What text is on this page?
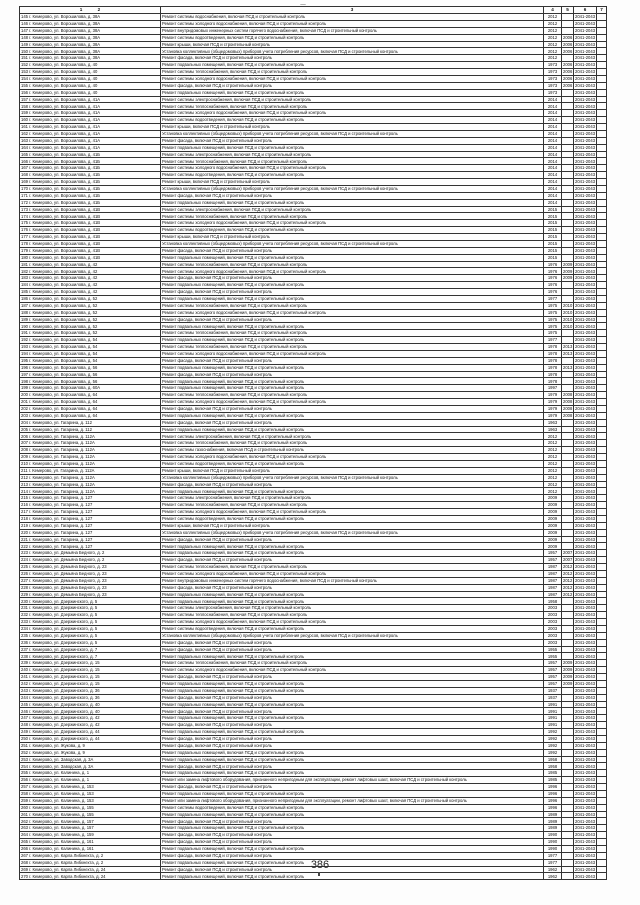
—
1 2	3	4	5	6	7
145 г. Кемерово, ул. Ворошилова, д. 38А	Ремонт системы водоснабжения, включая ПСД и строительный контроль	2012		2041-2043	
146 г. Кемерово, ул. Ворошилова, д. 38А	Ремонт системы холодного водоснабжения, включая ПСД и строительный контроль	2012		2041-2043	
147 г. Кемерово, ул. Ворошилова, д. 38А	Ремонт внутридомовых инженерных систем горячего водоснабжения, включая ПСД и строительный контроль	2012		2041-2043	
148 г. Кемерово, ул. Ворошилова, д. 38А	Ремонт системы водоотведения, включая ПСД и строительный контроль	2012	2006	2041-2043	
149 г. Кемерово, ул. Ворошилова, д. 38А	Ремонт крыши, включая ПСД и строительный контроль	2012	2006	2041-2043	
150 г. Кемерово, ул. Ворошилова, д. 38А	Установка коллективных (общедомовых) приборов учета потребления ресурсов, включая ПСД и строительный контроль	2012	2006	2041-2043	
151 г. Кемерово, ул. Ворошилова, д. 38А	Ремонт фасада, включая ПСД и строительный контроль	2012		2041-2043	
152 г. Кемерово, ул. Ворошилова, д. 40	Ремонт подвальных помещений, включая ПСД и строительный контроль	1973	2006	2041-2043	
153 г. Кемерово, ул. Ворошилова, д. 40	Ремонт системы теплоснабжения, включая ПСД и строительный контроль	1973	2006	2041-2043	
154 г. Кемерово, ул. Ворошилова, д. 40	Ремонт системы холодного водоснабжения, включая ПСД и строительный контроль	1973	2006	2041-2043	
155 г. Кемерово, ул. Ворошилова, д. 40	Ремонт фасада, включая ПСД и строительный контроль	1973	2006	2041-2043	
156 г. Кемерово, ул. Ворошилова, д. 40	Ремонт подвальных помещений, включая ПСД и строительный контроль	1973		2041-2043	
157 г. Кемерово, ул. Ворошилова, д. 41А	Ремонт системы электроснабжения, включая ПСД и строительный контроль	2014		2041-2043	
158 г. Кемерово, ул. Ворошилова, д. 41А	Ремонт системы теплоснабжения, включая ПСД и строительный контроль	2014		2041-2043	
159 г. Кемерово, ул. Ворошилова, д. 41А	Ремонт системы холодного водоснабжения, включая ПСД и строительный контроль	2014		2041-2043	
160 г. Кемерово, ул. Ворошилова, д. 41А	Ремонт системы водоотведения, включая ПСД и строительный контроль	2014		2041-2043	
161 г. Кемерово, ул. Ворошилова, д. 41А	Ремонт крыши, включая ПСД и строительный контроль	2014		2041-2043	
162 г. Кемерово, ул. Ворошилова, д. 41А	Установка коллективных (общедомовых) приборов учета потребления ресурсов, включая ПСД и строительный контроль	2014		2041-2043	
163 г. Кемерово, ул. Ворошилова, д. 41А	Ремонт фасада, включая ПСД и строительный контроль	2014		2041-2043	
164 г. Кемерово, ул. Ворошилова, д. 41А	Ремонт подвальных помещений, включая ПСД и строительный контроль	2014		2041-2043	
165 г. Кемерово, ул. Ворошилова, д. 41Б	Ремонт системы электроснабжения, включая ПСД и строительный контроль	2014		2041-2043	
166 г. Кемерово, ул. Ворошилова, д. 41Б	Ремонт системы теплоснабжения, включая ПСД и строительный контроль	2014		2041-2043	
167 г. Кемерово, ул. Ворошилова, д. 41Б	Ремонт системы холодного водоснабжения, включая ПСД и строительный контроль	2014		2041-2043	
168 г. Кемерово, ул. Ворошилова, д. 41Б	Ремонт системы водоотведения, включая ПСД и строительный контроль	2014		2041-2043	
169 г. Кемерово, ул. Ворошилова, д. 41Б	Ремонт крыши, включая ПСД и строительный контроль	2014		2041-2043	
170 г. Кемерово, ул. Ворошилова, д. 41Б	Установка коллективных (общедомовых) приборов учета потребления ресурсов, включая ПСД и строительный контроль	2014		2041-2043	
171 г. Кемерово, ул. Ворошилова, д. 41Б	Ремонт фасада, включая ПСД и строительный контроль	2014		2041-2043	
172 г. Кемерово, ул. Ворошилова, д. 41Б	Ремонт подвальных помещений, включая ПСД и строительный контроль	2014		2041-2043	
173 г. Кемерово, ул. Ворошилова, д. 41В	Ремонт системы электроснабжения, включая ПСД и строительный контроль	2015		2041-2043	
174 г. Кемерово, ул. Ворошилова, д. 41В	Ремонт системы теплоснабжения, включая ПСД и строительный контроль	2015		2041-2043	
175 г. Кемерово, ул. Ворошилова, д. 41В	Ремонт системы холодного водоснабжения, включая ПСД и строительный контроль	2015		2041-2043	
176 г. Кемерово, ул. Ворошилова, д. 41В	Ремонт системы водоотведения, включая ПСД и строительный контроль	2015		2041-2043	
177 г. Кемерово, ул. Ворошилова, д. 41В	Ремонт крыши, включая ПСД и строительный контроль	2015		2041-2043	
178 г. Кемерово, ул. Ворошилова, д. 41В	Установка коллективных (общедомовых) приборов учета потребления ресурсов, включая ПСД и строительный контроль	2015		2041-2043	
179 г. Кемерово, ул. Ворошилова, д. 41В	Ремонт фасада, включая ПСД и строительный контроль	2015		2041-2043	
180 г. Кемерово, ул. Ворошилова, д. 41В	Ремонт подвальных помещений, включая ПСД и строительный контроль	2015		2041-2043	
181 г. Кемерово, ул. Ворошилова, д. 42	Ремонт системы теплоснабжения, включая ПСД и строительный контроль	1976	2009	2041-2043	
182 г. Кемерово, ул. Ворошилова, д. 42	Ремонт системы холодного водоснабжения, включая ПСД и строительный контроль	1976	2009	2041-2043	
183 г. Кемерово, ул. Ворошилова, д. 42	Ремонт фасада, включая ПСД и строительный контроль	1976	2009	2041-2043	
184 г. Кемерово, ул. Ворошилова, д. 42	Ремонт подвальных помещений, включая ПСД и строительный контроль	1976		2041-2043	
185 г. Кемерово, ул. Ворошилова, д. 42	Ремонт фасада, включая ПСД и строительный контроль	1976		2041-2043	
186 г. Кемерово, ул. Ворошилова, д. 52	Ремонт подвальных помещений, включая ПСД и строительный контроль	1977		2041-2043	
187 г. Кемерово, ул. Ворошилова, д. 52	Ремонт системы теплоснабжения, включая ПСД и строительный контроль	1975	2010	2041-2043	
188 г. Кемерово, ул. Ворошилова, д. 52	Ремонт системы холодного водоснабжения, включая ПСД и строительный контроль	1975	2010	2041-2043	
189 г. Кемерово, ул. Ворошилова, д. 52	Ремонт фасада, включая ПСД и строительный контроль	1975	2010	2041-2043	
190 г. Кемерово, ул. Ворошилова, д. 52	Ремонт подвальных помещений, включая ПСД и строительный контроль	1975	2010	2041-2043	
191 г. Кемерово, ул. Ворошилова, д. 52	Ремонт системы теплоснабжения, включая ПСД и строительный контроль	1975		2041-2043	
192 г. Кемерово, ул. Ворошилова, д. 54	Ремонт подвальных помещений, включая ПСД и строительный контроль	1977		2041-2043	
193 г. Кемерово, ул. Ворошилова, д. 54	Ремонт системы теплоснабжения, включая ПСД и строительный контроль	1978	2013	2041-2043	
194 г. Кемерово, ул. Ворошилова, д. 54	Ремонт системы холодного водоснабжения, включая ПСД и строительный контроль	1978	2013	2041-2043	
195 г. Кемерово, ул. Ворошилова, д. 54	Ремонт фасада, включая ПСД и строительный контроль	1978		2041-2043	
196 г. Кемерово, ул. Ворошилова, д. 56	Ремонт подвальных помещений, включая ПСД и строительный контроль	1978	2013	2041-2043	
197 г. Кемерово, ул. Ворошилова, д. 56	Ремонт фасада, включая ПСД и строительный контроль	1978		2041-2043	
198 г. Кемерово, ул. Ворошилова, д. 56	Ремонт подвальных помещений, включая ПСД и строительный контроль	1978		2041-2043	
199 г. Кемерово, ул. Ворошилова, д. 60А	Ремонт подвальных помещений, включая ПСД и строительный контроль	1997		2041-2043	
200 г. Кемерово, ул. Ворошилова, д. 64	Ремонт системы теплоснабжения, включая ПСД и строительный контроль	1979	2008	2041-2043	
201 г. Кемерово, ул. Ворошилова, д. 64	Ремонт системы холодного водоснабжения, включая ПСД и строительный контроль	1979	2008	2041-2043	
202 г. Кемерово, ул. Ворошилова, д. 64	Ремонт фасада, включая ПСД и строительный контроль	1979	2008	2041-2043	
203 г. Кемерово, ул. Ворошилова, д. 64	Ремонт подвальных помещений, включая ПСД и строительный контроль	1979	2008	2041-2043	
204 г. Кемерово, ул. Гагарина, д. 112	Ремонт фасада, включая ПСД и строительный контроль	1963		2041-2043	
205 г. Кемерово, ул. Гагарина, д. 112	Ремонт подвальных помещений, включая ПСД и строительный контроль	1963		2041-2043	
206 г. Кемерово, ул. Гагарина, д. 112А	Ремонт системы электроснабжения, включая ПСД и строительный контроль	2012		2041-2043	
207 г. Кемерово, ул. Гагарина, д. 112А	Ремонт системы теплоснабжения, включая ПСД и строительный контроль	2012		2041-2043	
208 г. Кемерово, ул. Гагарина, д. 112А	Ремонт системы газоснабжения, включая ПСД и строительный контроль	2012		2041-2043	
209 г. Кемерово, ул. Гагарина, д. 112А	Ремонт системы холодного водоснабжения, включая ПСД и строительный контроль	2012		2041-2043	
210 г. Кемерово, ул. Гагарина, д. 112А	Ремонт системы водоотведения, включая ПСД и строительный контроль	2012		2041-2043	
211 г. Кемерово, ул. Гагарина, д. 112А	Ремонт крыши, включая ПСД и строительный контроль	2012		2041-2043	
212 г. Кемерово, ул. Гагарина, д. 112А	Установка коллективных (общедомовых) приборов учета потребления ресурсов, включая ПСД и строительный контроль	2012		2041-2043	
213 г. Кемерово, ул. Гагарина, д. 112А	Ремонт фасада, включая ПСД и строительный контроль	2012		2041-2043	
214 г. Кемерово, ул. Гагарина, д. 112А	Ремонт подвальных помещений, включая ПСД и строительный контроль	2012		2041-2043	
215 г. Кемерово, ул. Гагарина, д. 127	Ремонт системы электроснабжения, включая ПСД и строительный контроль	2009		2041-2043	
216 г. Кемерово, ул. Гагарина, д. 127	Ремонт системы теплоснабжения, включая ПСД и строительный контроль	2009		2041-2043	
217 г. Кемерово, ул. Гагарина, д. 127	Ремонт системы холодного водоснабжения, включая ПСД и строительный контроль	2009		2041-2043	
218 г. Кемерово, ул. Гагарина, д. 127	Ремонт системы водоотведения, включая ПСД и строительный контроль	2009		2041-2043	
219 г. Кемерово, ул. Гагарина, д. 127	Ремонт крыши, включая ПСД и строительный контроль	2009		2041-2043	
220 г. Кемерово, ул. Гагарина, д. 127	Установка коллективных (общедомовых) приборов учета потребления ресурсов, включая ПСД и строительный контроль	2009		2041-2043	
221 г. Кемерово, ул. Гагарина, д. 127	Ремонт фасада, включая ПСД и строительный контроль	2009		2041-2043	
222 г. Кемерово, ул. Гагарина, д. 127	Ремонт подвальных помещений, включая ПСД и строительный контроль	2009		2041-2043	
223 г. Кемерово, ул. Демьяна Бедного, д. 2	Ремонт подвальных помещений, включая ПСД и строительный контроль	1957	2007	2041-2043	
224 г. Кемерово, ул. Демьяна Бедного, д. 2	Ремонт фасада, включая ПСД и строительный контроль	1957	2007	2041-2043	
225 г. Кемерово, ул. Демьяна Бедного, д. 23	Ремонт системы теплоснабжения, включая ПСД и строительный контроль	1987	2012	2041-2043	
226 г. Кемерово, ул. Демьяна Бедного, д. 23	Ремонт системы холодного водоснабжения, включая ПСД и строительный контроль	1987	2012	2041-2043	
227 г. Кемерово, ул. Демьяна Бедного, д. 23	Ремонт внутридомовых инженерных систем горячего водоснабжения, включая ПСД и строительный контроль	1987	2012	2041-2043	
228 г. Кемерово, ул. Демьяна Бедного, д. 23	Ремонт фасада, включая ПСД и строительный контроль	1987	2012	2041-2043	
229 г. Кемерово, ул. Демьяна Бедного, д. 23	Ремонт подвальных помещений, включая ПСД и строительный контроль	1987	2012	2041-2043	
230 г. Кемерово, ул. Дзержинского, д. 5	Ремонт подвальных помещений, включая ПСД и строительный контроль	1958		2041-2043	
231 г. Кемерово, ул. Дзержинского, д. 5	Ремонт системы электроснабжения, включая ПСД и строительный контроль	2003		2041-2043	
232 г. Кемерово, ул. Дзержинского, д. 5	Ремонт системы теплоснабжения, включая ПСД и строительный контроль	2003		2041-2043	
233 г. Кемерово, ул. Дзержинского, д. 5	Ремонт системы холодного водоснабжения, включая ПСД и строительный контроль	2003		2041-2043	
234 г. Кемерово, ул. Дзержинского, д. 5	Ремонт системы водоотведения, включая ПСД и строительный контроль	2003		2041-2043	
235 г. Кемерово, ул. Дзержинского, д. 5	Установка коллективных (общедомовых) приборов учета потребления ресурсов, включая ПСД и строительный контроль	2003		2041-2043	
236 г. Кемерово, ул. Дзержинского, д. 5	Ремонт фасада, включая ПСД и строительный контроль	2003		2041-2043	
237 г. Кемерово, ул. Дзержинского, д. 7	Ремонт фасада, включая ПСД и строительный контроль	1955		2041-2043	
238 г. Кемерово, ул. Дзержинского, д. 7	Ремонт подвальных помещений, включая ПСД и строительный контроль	1955		2041-2043	
239 г. Кемерово, ул. Дзержинского, д. 15	Ремонт системы теплоснабжения, включая ПСД и строительный контроль	1957	2009	2041-2043	
240 г. Кемерово, ул. Дзержинского, д. 15	Ремонт системы холодного водоснабжения, включая ПСД и строительный контроль	1957	2009	2041-2043	
241 г. Кемерово, ул. Дзержинского, д. 15	Ремонт фасада, включая ПСД и строительный контроль	1957	2009	2041-2043	
242 г. Кемерово, ул. Дзержинского, д. 15	Ремонт подвальных помещений, включая ПСД и строительный контроль	1957	2009	2041-2043	
243 г. Кемерово, ул. Дзержинского, д. 36	Ремонт подвальных помещений, включая ПСД и строительный контроль	1937		2041-2043	
244 г. Кемерово, ул. Дзержинского, д. 36	Ремонт фасада, включая ПСД и строительный контроль	1937		2041-2043	
245 г. Кемерово, ул. Дзержинского, д. 40	Ремонт подвальных помещений, включая ПСД и строительный контроль	1991		2041-2043	
246 г. Кемерово, ул. Дзержинского, д. 40	Ремонт фасада, включая ПСД и строительный контроль	1991		2041-2043	
247 г. Кемерово, ул. Дзержинского, д. 42	Ремонт подвальных помещений, включая ПСД и строительный контроль	1991		2041-2043	
248 г. Кемерово, ул. Дзержинского, д. 42	Ремонт фасада, включая ПСД и строительный контроль	1991		2041-2043	
249 г. Кемерово, ул. Дзержинского, д. 44	Ремонт подвальных помещений, включая ПСД и строительный контроль	1992		2041-2043	
250 г. Кемерово, ул. Дзержинского, д. 44	Ремонт фасада, включая ПСД и строительный контроль	1992		2041-2043	
251 г. Кемерово, ул. Жукова, д. 9	Ремонт фасада, включая ПСД и строительный контроль	1992		2041-2043	
252 г. Кемерово, ул. Жукова, д. 9	Ремонт подвальных помещений, включая ПСД и строительный контроль	1992		2041-2043	
253 г. Кемерово, ул. Заводская, д. 3А	Ремонт подвальных помещений, включая ПСД и строительный контроль	1958		2041-2043	
254 г. Кемерово, ул. Заводская, д. 3А	Ремонт фасада, включая ПСД и строительный контроль	1958		2041-2043	
255 г. Кемерово, ул. Калинина, д. 1	Ремонт подвальных помещений, включая ПСД и строительный контроль	1985		2041-2043	
256 г. Кемерово, ул. Калинина, д. 1	Ремонт или замена лифтового оборудования, признанного непригодным для эксплуатации, ремонт лифтовых шахт, включая ПСД и строительный контроль	1985		2041-2043	
257 г. Кемерово, ул. Калинина, д. 153	Ремонт фасада, включая ПСД и строительный контроль	1996		2041-2043	
258 г. Кемерово, ул. Калинина, д. 153	Ремонт подвальных помещений, включая ПСД и строительный контроль	1996		2041-2043	
259 г. Кемерово, ул. Калинина, д. 153	Ремонт или замена лифтового оборудования, признанного непригодным для эксплуатации, ремонт лифтовых шахт, включая ПСД и строительный контроль	1996		2041-2043	
260 г. Кемерово, ул. Калинина, д. 155	Ремонт системы водоотведения, включая ПСД и строительный контроль	1996		2041-2043	
261 г. Кемерово, ул. Калинина, д. 155	Ремонт подвальных помещений, включая ПСД и строительный контроль	1989		2041-2043	
262 г. Кемерово, ул. Калинина, д. 157	Ремонт фасада, включая ПСД и строительный контроль	1989		2041-2043	
263 г. Кемерово, ул. Калинина, д. 157	Ремонт подвальных помещений, включая ПСД и строительный контроль	1989		2041-2043	
264 г. Кемерово, ул. Калинина, д. 159	Ремонт фасада, включая ПСД и строительный контроль	1990		2041-2043	
265 г. Кемерово, ул. Калинина, д. 161	Ремонт фасада, включая ПСД и строительный контроль	1990		2041-2043	
266 г. Кемерово, ул. Калинина, д. 161	Ремонт подвальных помещений, включая ПСД и строительный контроль	1990		2041-2043	
267 г. Кемерово, ул. Карла Либкнехта, д. 2	Ремонт фасада, включая ПСД и строительный контроль	1977		2041-2043	
268 г. Кемерово, ул. Карла Либкнехта, д. 2	Ремонт подвальных помещений, включая ПСД и строительный контроль	1977		2041-2043	
269 г. Кемерово, ул. Карла Либкнехта, д. 24	Ремонт фасада, включая ПСД и строительный контроль	1962		2041-2043	
270 г. Кемерово, ул. Карла Либкнехта, д. 24	Ремонт подвальных помещений, включая ПСД и строительный контроль	1962		2041-2043	
386
